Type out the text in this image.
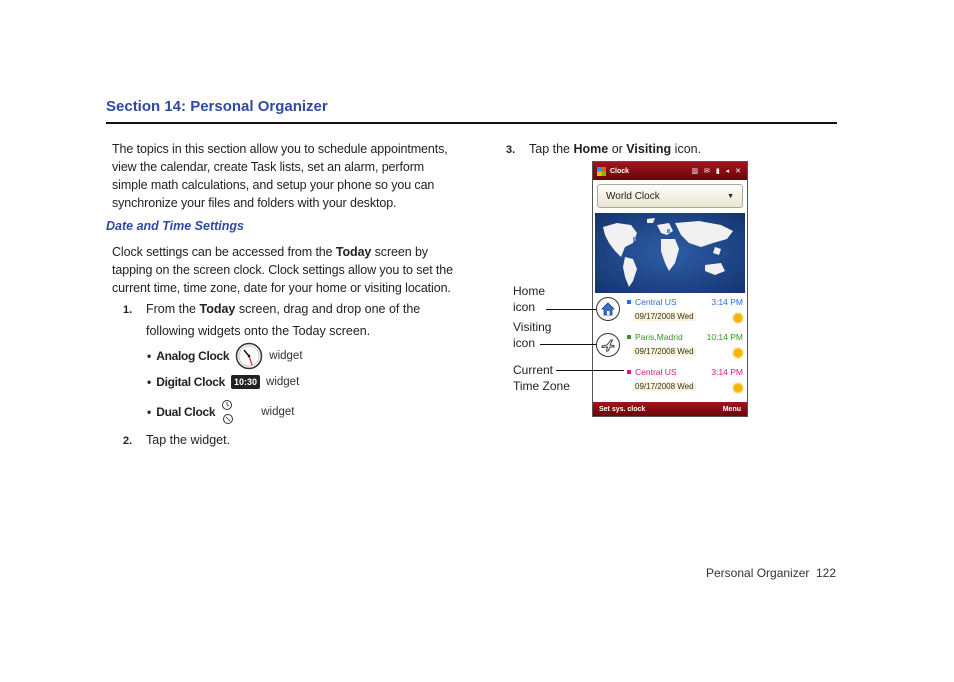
Section 14: Personal Organizer
The topics in this section allow you to schedule appointments, view the calendar, create Task lists, set an alarm, perform simple math calculations, and setup your phone so you can synchronize your files and folders with your desktop.
Date and Time Settings
Clock settings can be accessed from the Today screen by tapping on the screen clock. Clock settings allow you to set the current time, time zone, date for your home or visiting location.
1. From the Today screen, drag and drop one of the following widgets onto the Today screen.
• Analog Clock	widget
• Digital Clock	10:30 widget
• Dual Clock	widget
2. Tap the widget.
3. Tap the Home or Visiting icon.
Clock	▥ ✉ ▮ ◂ ✕
World Clock	▼
Central US	3:14 PM
09/17/2008 Wed
Paris,Madrid	10:14 PM
09/17/2008 Wed
Central US	3:14 PM
09/17/2008 Wed
Set sys. clock	Menu
Home
icon
Visiting
icon
Current
Time Zone
Personal Organizer 122
